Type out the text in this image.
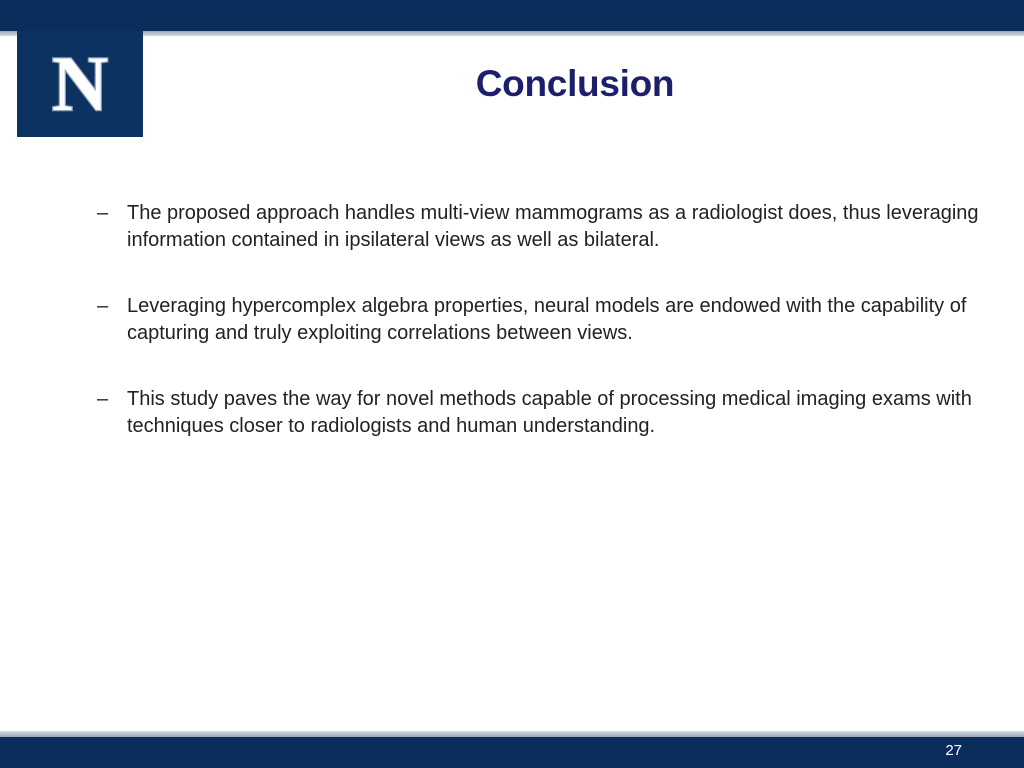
N	Conclusion
– The proposed approach handles multi-view mammograms as a radiologist does, thus leveraging information contained in ipsilateral views as well as bilateral.
– Leveraging hypercomplex algebra properties, neural models are endowed with the capability of capturing and truly exploiting correlations between views.
– This study paves the way for novel methods capable of processing medical imaging exams with techniques closer to radiologists and human understanding.
27
